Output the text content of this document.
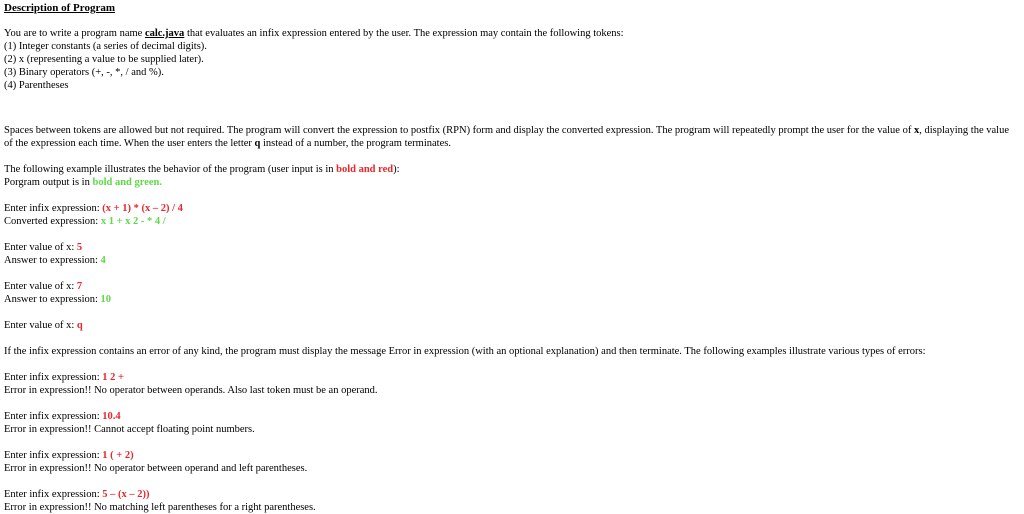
Description of Program

You are to write a program name calc.java that evaluates an infix expression entered by the user. The expression may contain the following tokens:

(1) Integer constants (a series of decimal digits).

(2) x (representing a value to be supplied later).

(3) Binary operators (+, -, *, / and %).

(4) Parentheses

Spaces between tokens are allowed but not required. The program will convert the expression to postfix (RPN) form and display the converted expression. The program will repeatedly prompt the user for the value of x, displaying the value of the expression each time. When the user enters the letter q instead of a number, the program terminates.

The following example illustrates the behavior of the program (user input is in bold and red):

Porgram output is in bold and green.

Enter infix expression: (x + 1) * (x – 2) / 4

Converted expression: x 1 + x 2 - * 4 /

Enter value of x: 5

Answer to expression: 4

Enter value of x: 7

Answer to expression: 10

Enter value of x: q

If the infix expression contains an error of any kind, the program must display the message Error in expression (with an optional explanation) and then terminate. The following examples illustrate various types of errors:

Enter infix expression: 1 2 +

Error in expression!! No operator between operands. Also last token must be an operand.

Enter infix expression: 10.4

Error in expression!! Cannot accept floating point numbers.

Enter infix expression: 1 ( + 2)

Error in expression!! No operator between operand and left parentheses.

Enter infix expression: 5 – (x – 2))

Error in expression!! No matching left parentheses for a right parentheses.
